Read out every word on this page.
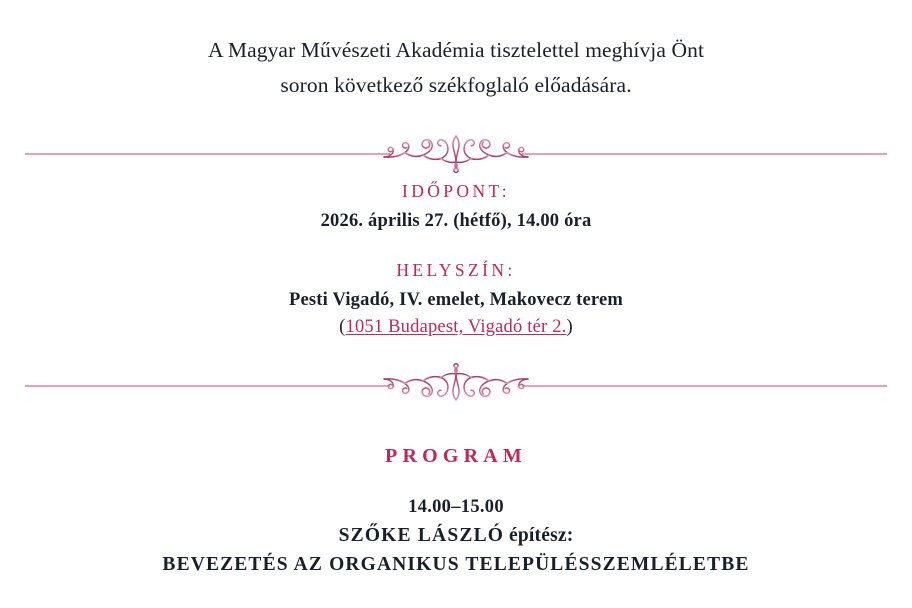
A Magyar Művészeti Akadémia tisztelettel meghívja Önt
soron következő székfoglaló előadására.
IDŐPONT:
2026. április 27. (hétfő), 14.00 óra
HELYSZÍN:
Pesti Vigadó, IV. emelet, Makovecz terem
(1051 Budapest, Vigadó tér 2.)
PROGRAM
14.00–15.00
SZŐKE LÁSZLÓ építész:
BEVEZETÉS AZ ORGANIKUS TELEPÜLÉSSZEMLÉLETBE
